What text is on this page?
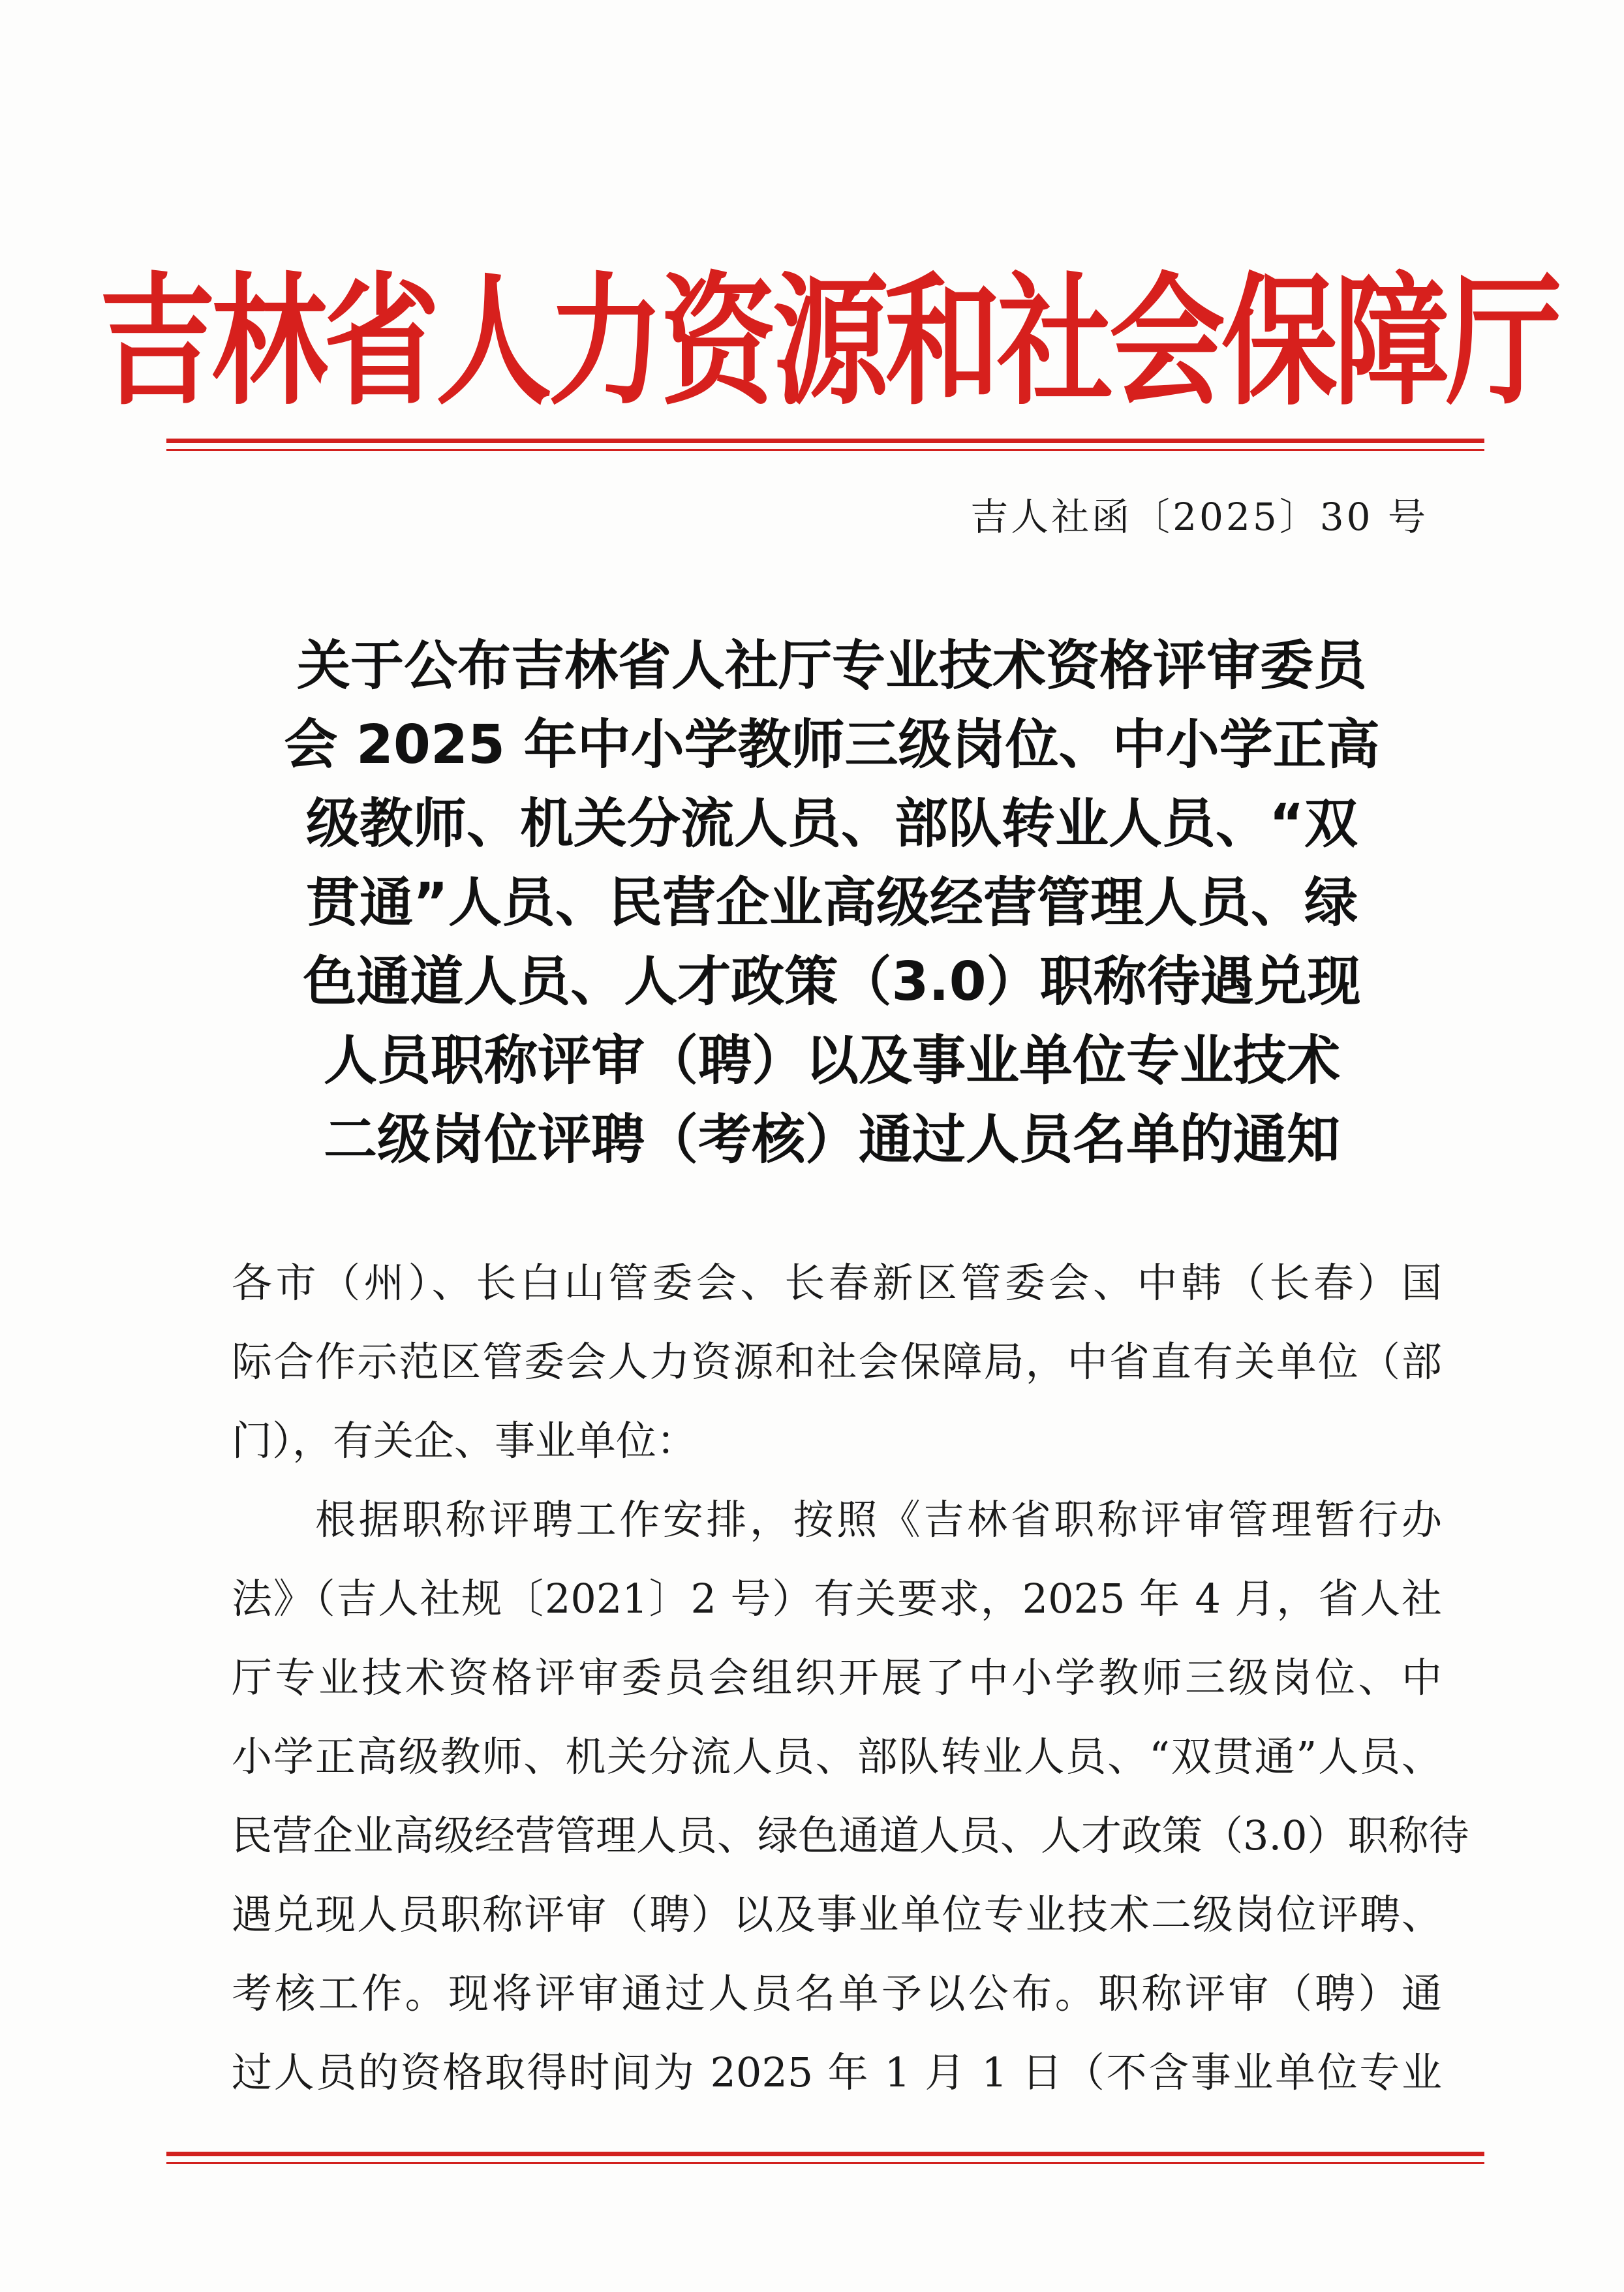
吉林省人力资源和社会保障厅
吉人社函〔2025〕30 号
关于公布吉林省人社厅专业技术资格评审委员
会 2025 年中小学教师三级岗位、中小学正高
级教师、机关分流人员、部队转业人员、“双
贯通”人员、民营企业高级经营管理人员、绿
色通道人员、人才政策（3.0）职称待遇兑现
人员职称评审（聘）以及事业单位专业技术
二级岗位评聘（考核）通过人员名单的通知
各市（州）、长白山管委会、长春新区管委会、中韩（长春）国
际合作示范区管委会人力资源和社会保障局，中省直有关单位（部
门），有关企、事业单位：
根据职称评聘工作安排，按照《吉林省职称评审管理暂行办
法》（吉人社规〔2021〕2 号）有关要求，2025 年 4 月，省人社
厅专业技术资格评审委员会组织开展了中小学教师三级岗位、中
小学正高级教师、机关分流人员、部队转业人员、“双贯通”人员、
民营企业高级经营管理人员、绿色通道人员、人才政策（3.0）职称待
遇兑现人员职称评审（聘）以及事业单位专业技术二级岗位评聘、
考核工作。现将评审通过人员名单予以公布。职称评审（聘）通
过人员的资格取得时间为 2025 年 1 月 1 日（不含事业单位专业
